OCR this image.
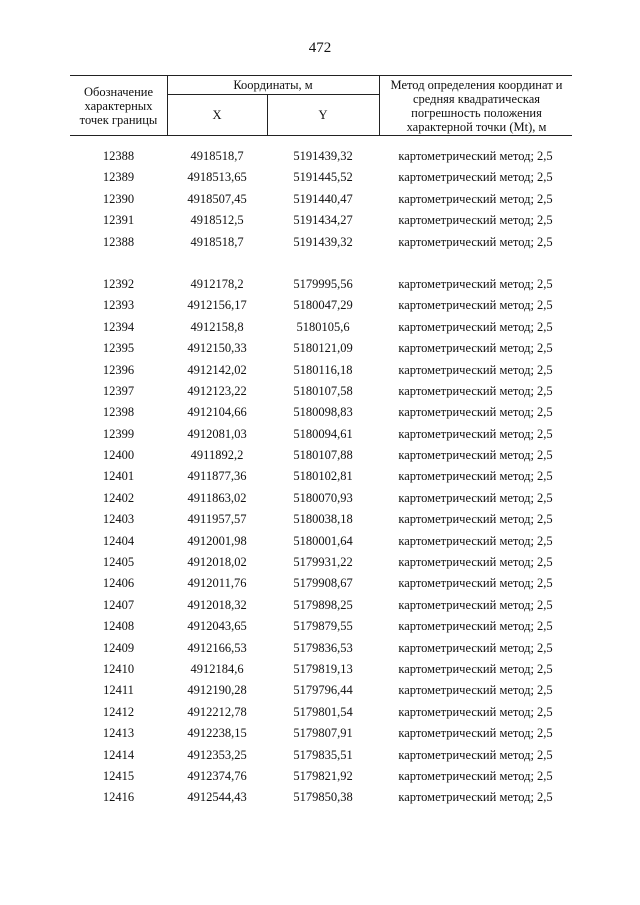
472
Обозначение характерных точек границы
Координаты, м
X	Y
Метод определения координат и средняя квадратическая погрешность положения характерной точки (Mt), м
12388	4918518,7	5191439,32	картометрический метод; 2,5
12389	4918513,65	5191445,52	картометрический метод; 2,5
12390	4918507,45	5191440,47	картометрический метод; 2,5
12391	4918512,5	5191434,27	картометрический метод; 2,5
12388	4918518,7	5191439,32	картометрический метод; 2,5
12392	4912178,2	5179995,56	картометрический метод; 2,5
12393	4912156,17	5180047,29	картометрический метод; 2,5
12394	4912158,8	5180105,6	картометрический метод; 2,5
12395	4912150,33	5180121,09	картометрический метод; 2,5
12396	4912142,02	5180116,18	картометрический метод; 2,5
12397	4912123,22	5180107,58	картометрический метод; 2,5
12398	4912104,66	5180098,83	картометрический метод; 2,5
12399	4912081,03	5180094,61	картометрический метод; 2,5
12400	4911892,2	5180107,88	картометрический метод; 2,5
12401	4911877,36	5180102,81	картометрический метод; 2,5
12402	4911863,02	5180070,93	картометрический метод; 2,5
12403	4911957,57	5180038,18	картометрический метод; 2,5
12404	4912001,98	5180001,64	картометрический метод; 2,5
12405	4912018,02	5179931,22	картометрический метод; 2,5
12406	4912011,76	5179908,67	картометрический метод; 2,5
12407	4912018,32	5179898,25	картометрический метод; 2,5
12408	4912043,65	5179879,55	картометрический метод; 2,5
12409	4912166,53	5179836,53	картометрический метод; 2,5
12410	4912184,6	5179819,13	картометрический метод; 2,5
12411	4912190,28	5179796,44	картометрический метод; 2,5
12412	4912212,78	5179801,54	картометрический метод; 2,5
12413	4912238,15	5179807,91	картометрический метод; 2,5
12414	4912353,25	5179835,51	картометрический метод; 2,5
12415	4912374,76	5179821,92	картометрический метод; 2,5
12416	4912544,43	5179850,38	картометрический метод; 2,5
